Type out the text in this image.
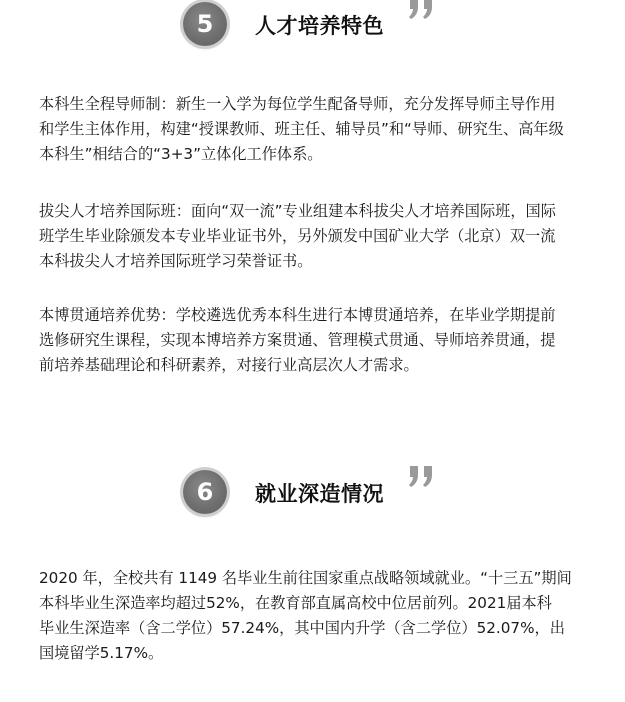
5	人才培养特色

本科生全程导师制：新生一入学为每位学生配备导师，充分发挥导师主导作用
和学生主体作用，构建“授课教师、班主任、辅导员”和“导师、研究生、高年级
本科生”相结合的“3+3”立体化工作体系。

拔尖人才培养国际班：面向“双一流”专业组建本科拔尖人才培养国际班，国际
班学生毕业除颁发本专业毕业证书外，另外颁发中国矿业大学（北京）双一流
本科拔尖人才培养国际班学习荣誉证书。

本博贯通培养优势：学校遴选优秀本科生进行本博贯通培养，在毕业学期提前
选修研究生课程，实现本博培养方案贯通、管理模式贯通、导师培养贯通，提
前培养基础理论和科研素养，对接行业高层次人才需求。

6	就业深造情况

2020 年，全校共有 1149 名毕业生前往国家重点战略领域就业。“十三五”期间
本科毕业生深造率均超过52%，在教育部直属高校中位居前列。2021届本科
毕业生深造率（含二学位）57.24%，其中国内升学（含二学位）52.07%，出
国境留学5.17%。
